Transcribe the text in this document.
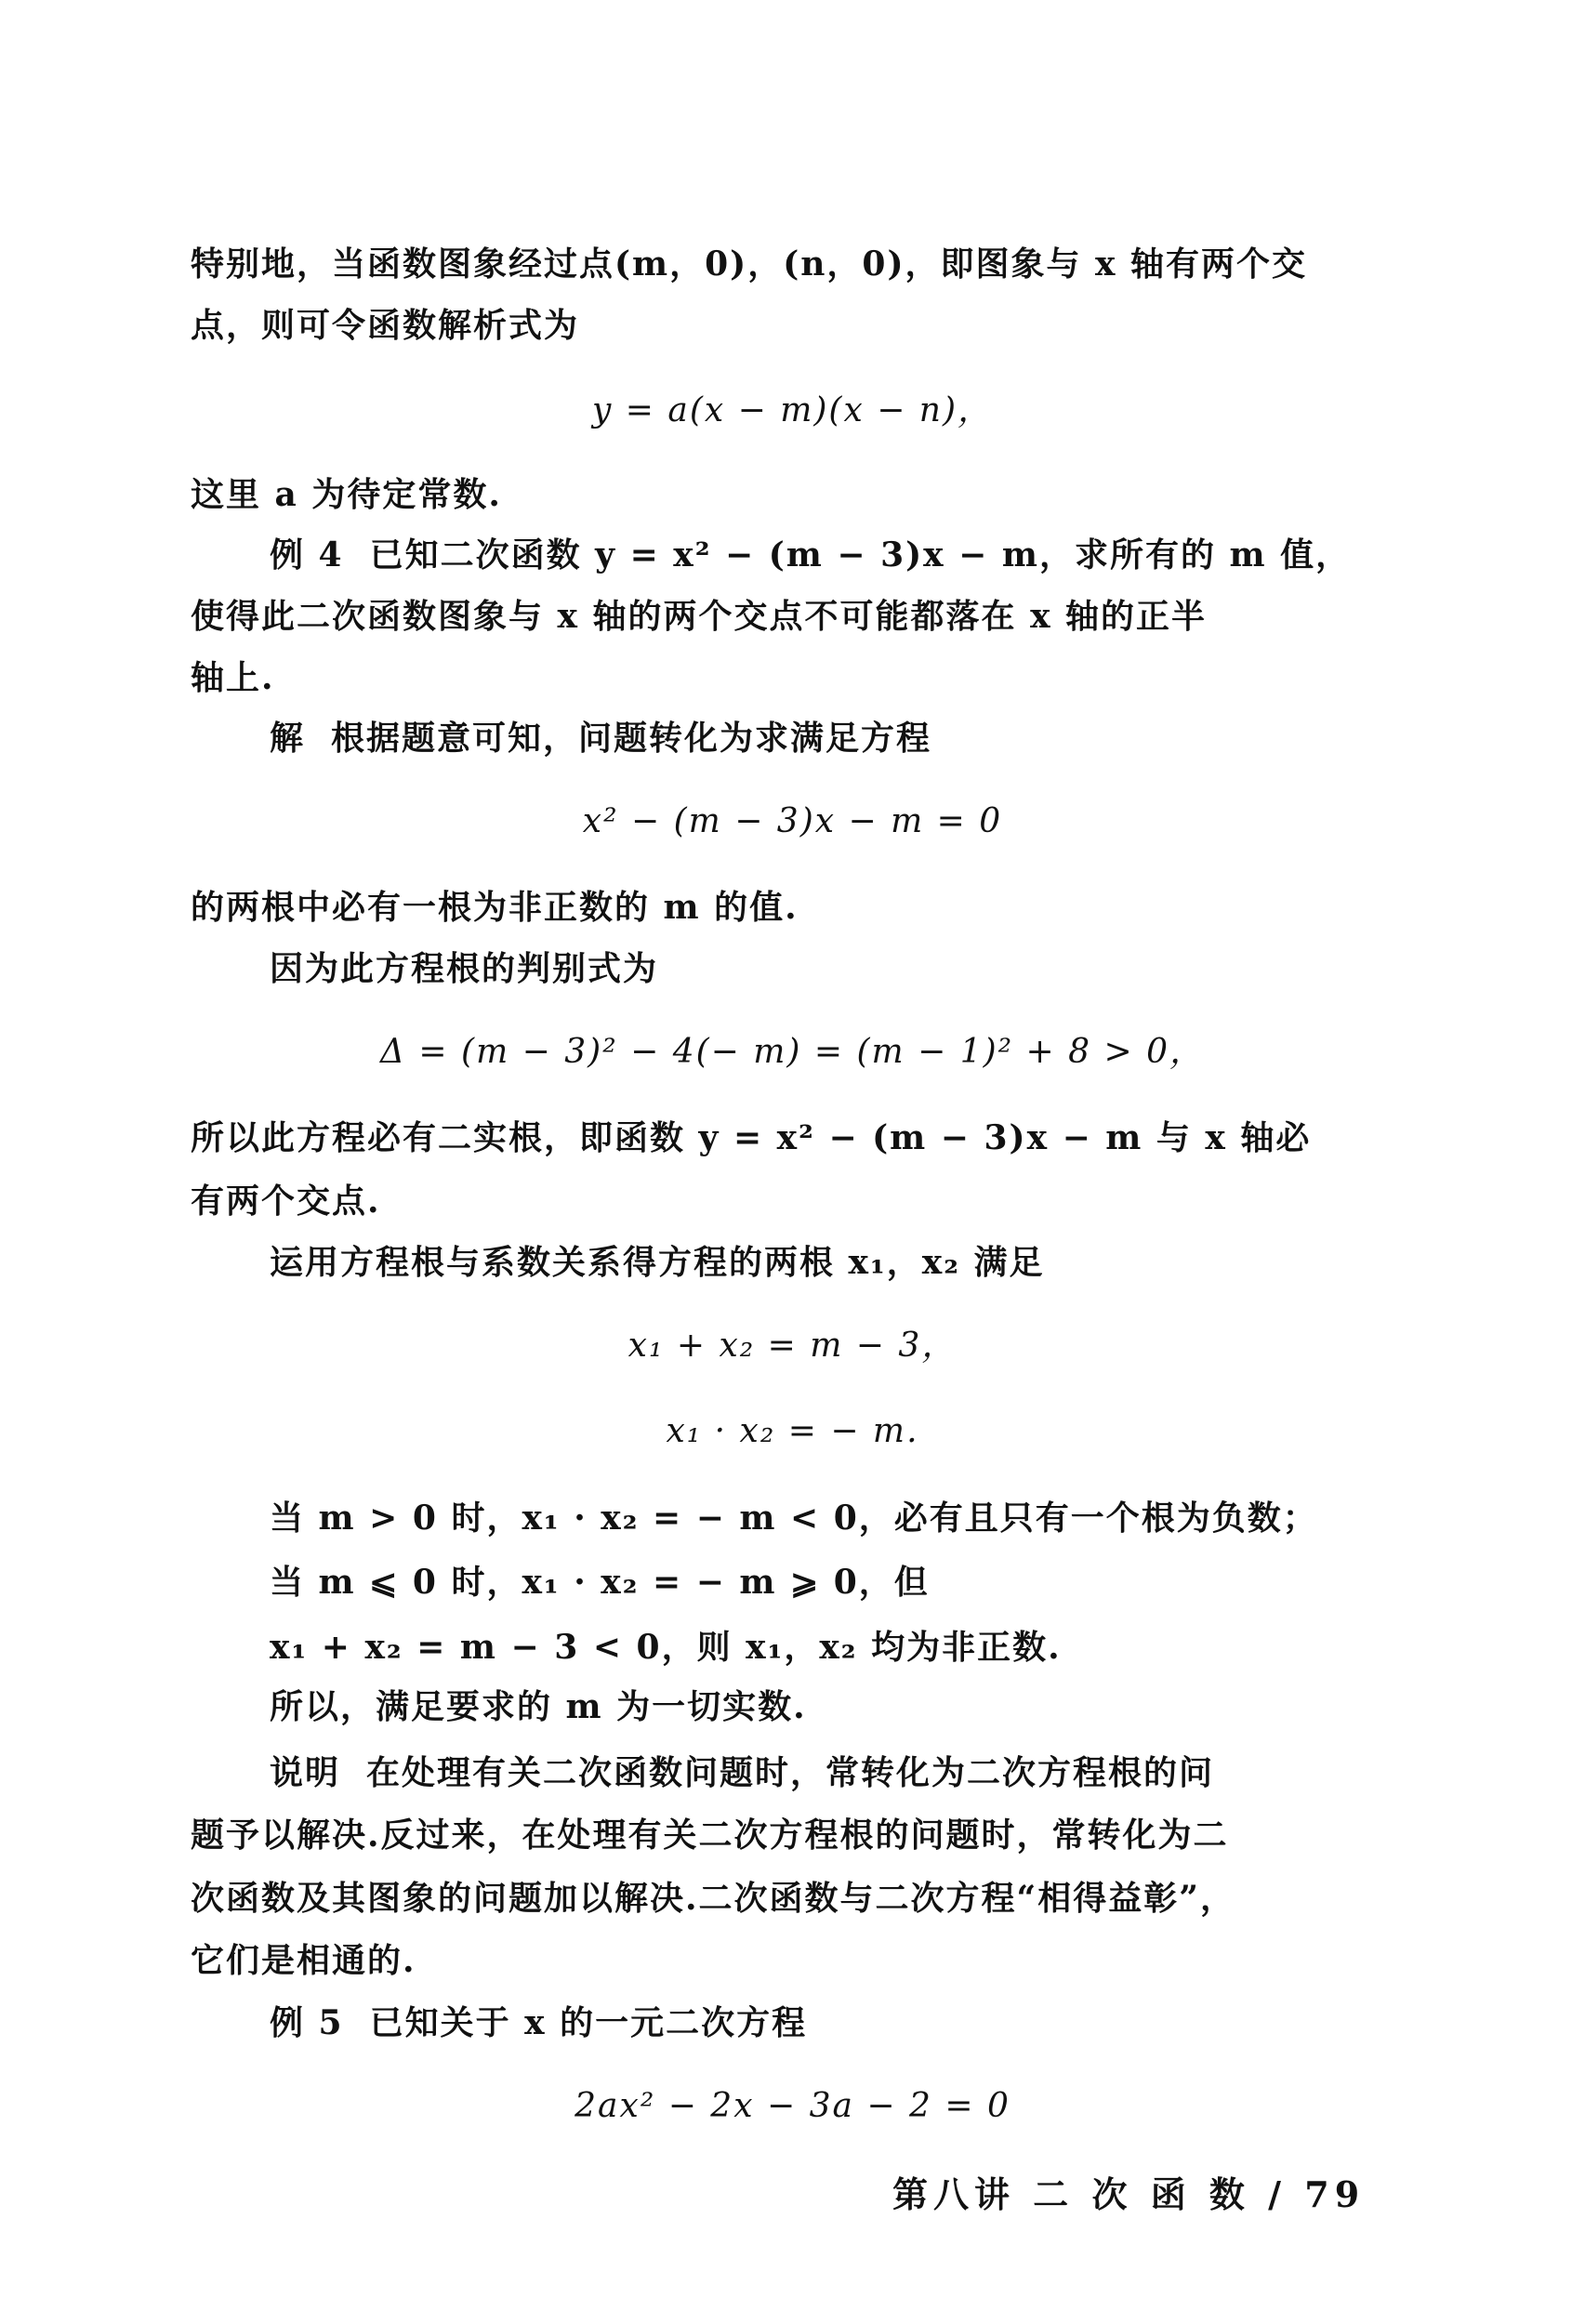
特别地，当函数图象经过点(m，0)，(n，0)，即图象与 x 轴有两个交
点，则可令函数解析式为
y = a(x − m)(x − n)，
这里 a 为待定常数.
例 4 已知二次函数 y = x² − (m − 3)x − m，求所有的 m 值，
使得此二次函数图象与 x 轴的两个交点不可能都落在 x 轴的正半
轴上.
解 根据题意可知，问题转化为求满足方程
x² − (m − 3)x − m = 0
的两根中必有一根为非正数的 m 的值.
因为此方程根的判别式为
Δ = (m − 3)² − 4(− m) = (m − 1)² + 8 > 0，
所以此方程必有二实根，即函数 y = x² − (m − 3)x − m 与 x 轴必
有两个交点.
运用方程根与系数关系得方程的两根 x₁，x₂ 满足
x₁ + x₂ = m − 3，
x₁ · x₂ = − m.
当 m > 0 时，x₁ · x₂ = − m < 0，必有且只有一个根为负数；
当 m ⩽ 0 时，x₁ · x₂ = − m ⩾ 0，但
x₁ + x₂ = m − 3 < 0，则 x₁，x₂ 均为非正数.
所以，满足要求的 m 为一切实数.
说明 在处理有关二次函数问题时，常转化为二次方程根的问
题予以解决.反过来，在处理有关二次方程根的问题时，常转化为二
次函数及其图象的问题加以解决.二次函数与二次方程“相得益彰”，
它们是相通的.
例 5 已知关于 x 的一元二次方程
2ax² − 2x − 3a − 2 = 0
第八讲 二 次 函 数 / 79
